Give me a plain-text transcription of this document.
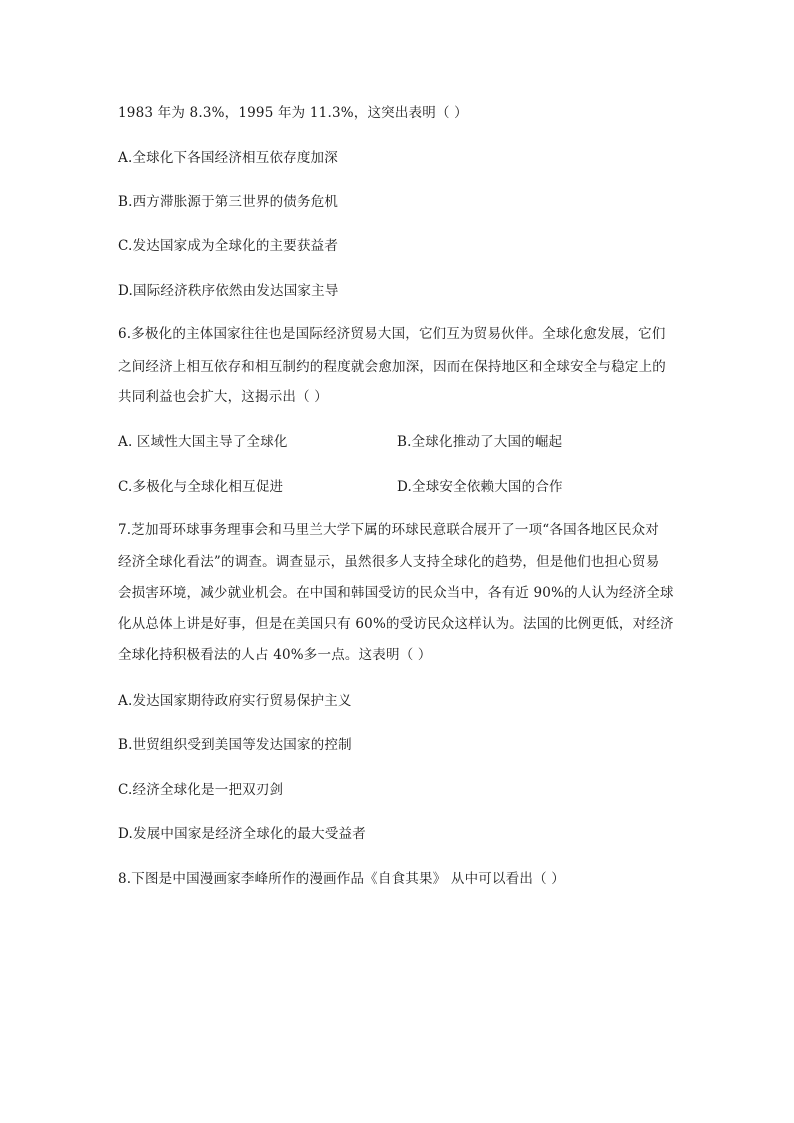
1983 年为 8.3%，1995 年为 11.3%，这突出表明（ ）
A.全球化下各国经济相互依存度加深
B.西方滞胀源于第三世界的债务危机
C.发达国家成为全球化的主要获益者
D.国际经济秩序依然由发达国家主导
6.多极化的主体国家往往也是国际经济贸易大国，它们互为贸易伙伴。全球化愈发展，它们
之间经济上相互依存和相互制约的程度就会愈加深，因而在保持地区和全球安全与稳定上的
共同利益也会扩大，这揭示出（ ）
A. 区域性大国主导了全球化	B.全球化推动了大国的崛起
C.多极化与全球化相互促进	D.全球安全依赖大国的合作
7.芝加哥环球事务理事会和马里兰大学下属的环球民意联合展开了一项“各国各地区民众对
经济全球化看法”的调查。调查显示，虽然很多人支持全球化的趋势，但是他们也担心贸易
会损害环境，减少就业机会。在中国和韩国受访的民众当中，各有近 90%的人认为经济全球
化从总体上讲是好事，但是在美国只有 60%的受访民众这样认为。法国的比例更低，对经济
全球化持积极看法的人占 40%多一点。这表明（ ）
A.发达国家期待政府实行贸易保护主义
B.世贸组织受到美国等发达国家的控制
C.经济全球化是一把双刃剑
D.发展中国家是经济全球化的最大受益者
8.下图是中国漫画家李峰所作的漫画作品《自食其果》 从中可以看出（ ）
